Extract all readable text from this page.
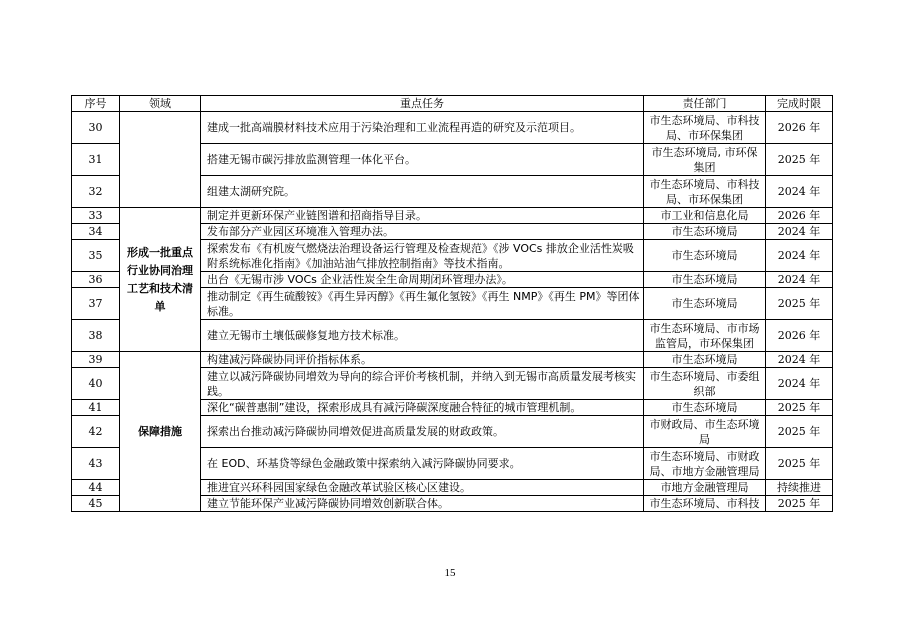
序号	领域	重点任务	责任部门	完成时限
30		建成一批高端膜材料技术应用于污染治理和工业流程再造的研究及示范项目。	市生态环境局、市科技局、市环保集团	2026 年
31		搭建无锡市碳污排放监测管理一体化平台。	市生态环境局, 市环保集团	2025 年
32		组建太湖研究院。	市生态环境局、市科技局、市环保集团	2024 年
33	形成一批重点行业协同治理工艺和技术清单	制定并更新环保产业链图谱和招商指导目录。	市工业和信息化局	2026 年
34		发布部分产业园区环境准入管理办法。	市生态环境局	2024 年
35		探索发布《有机废气燃烧法治理设备运行管理及检查规范》《涉 VOCs 排放企业活性炭吸附系统标准化指南》《加油站油气排放控制指南》等技术指南。	市生态环境局	2024 年
36		出台《无锡市涉 VOCs 企业活性炭全生命周期闭环管理办法》。	市生态环境局	2024 年
37		推动制定《再生硫酸铵》《再生异丙醇》《再生氟化氢铵》《再生 NMP》《再生 PM》等团体标准。	市生态环境局	2025 年
38		建立无锡市土壤低碳修复地方技术标准。	市生态环境局、市市场监管局，市环保集团	2026 年
39	保障措施	构建减污降碳协同评价指标体系。	市生态环境局	2024 年
40		建立以减污降碳协同增效为导向的综合评价考核机制，并纳入到无锡市高质量发展考核实践。	市生态环境局、市委组织部	2024 年
41		深化“碳普惠制”建设，探索形成具有减污降碳深度融合特征的城市管理机制。	市生态环境局	2025 年
42		探索出台推动减污降碳协同增效促进高质量发展的财政政策。	市财政局、市生态环境局	2025 年
43		在 EOD、环基贷等绿色金融政策中探索纳入减污降碳协同要求。	市生态环境局、市财政局、市地方金融管理局	2025 年
44		推进宜兴环科园国家绿色金融改革试验区核心区建设。	市地方金融管理局	持续推进
45		建立节能环保产业减污降碳协同增效创新联合体。	市生态环境局、市科技	2025 年
15
